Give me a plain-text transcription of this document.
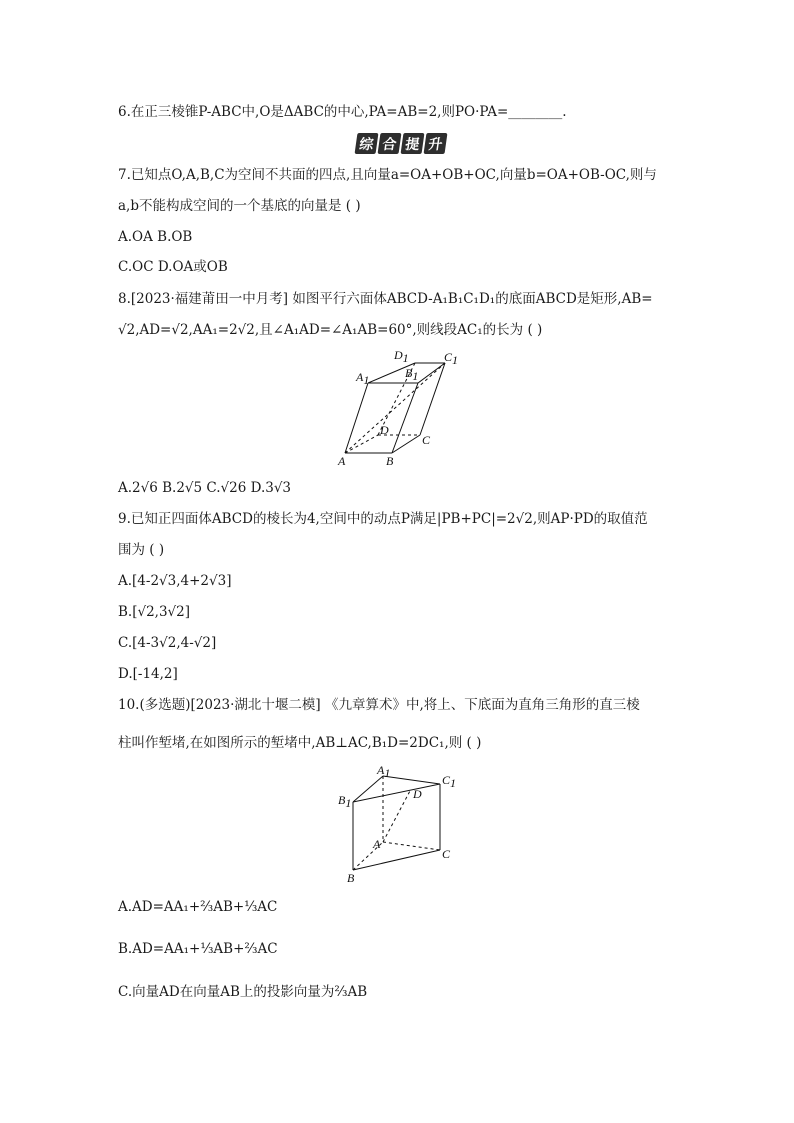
6.在正三棱锥P-ABC中,O是ΔABC的中心,PA=AB=2,则PO·PA=________.
综 合 提 升
7.已知点O,A,B,C为空间不共面的四点,且向量a=OA+OB+OC,向量b=OA+OB-OC,则与
a,b不能构成空间的一个基底的向量是 ( )
A.OA B.OB
C.OC D.OA或OB
8.[2023·福建莆田一中月考] 如图平行六面体ABCD-A₁B₁C₁D₁的底面ABCD是矩形,AB=
√2,AD=√2,AA₁=2√2,且∠A₁AD=∠A₁AB=60°,则线段AC₁的长为 ( )
A1	B1
D1	C1
D
C
A	B
A.2√6 B.2√5 C.√26 D.3√3
9.已知正四面体ABCD的棱长为4,空间中的动点P满足|PB+PC|=2√2,则AP·PD的取值范
围为 ( )
A.[4-2√3,4+2√3]
B.[√2,3√2]
C.[4-3√2,4-√2]
D.[-14,2]
10.(多选题)[2023·湖北十堰二模] 《九章算术》中,将上、下底面为直角三角形的直三棱
柱叫作堑堵,在如图所示的堑堵中,AB⊥AC,B₁D=2DC₁,则 ( )
A1
B1
C1
D
A
C
B
A.AD=AA₁+⅔AB+⅓AC
B.AD=AA₁+⅓AB+⅔AC
C.向量AD在向量AB上的投影向量为⅔AB
